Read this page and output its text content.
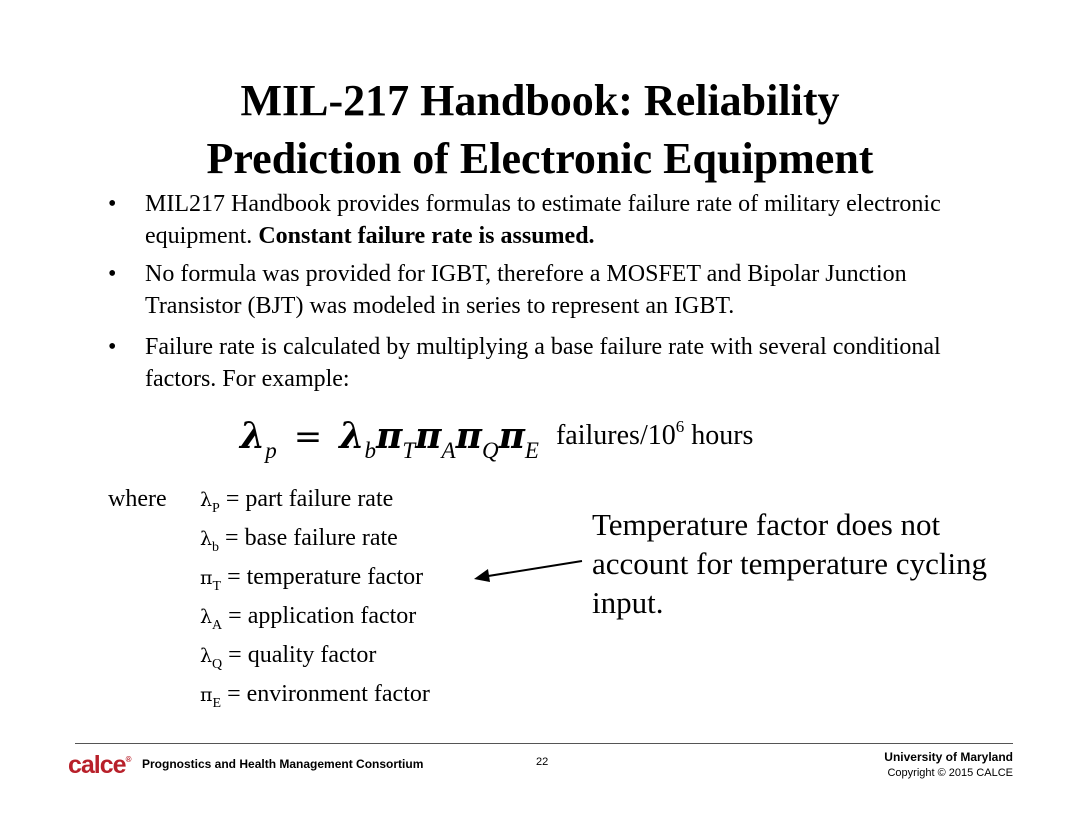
MIL-217 Handbook: Reliability
Prediction of Electronic Equipment
•	MIL217 Handbook provides formulas to estimate failure rate of military electronic equipment. Constant failure rate is assumed.
•	No formula was provided for IGBT, therefore a MOSFET and Bipolar Junction Transistor (BJT) was modeled in series to represent an IGBT.
•	Failure rate is calculated by multiplying a base failure rate with several conditional factors. For example:
$\lambda_p = \lambda_b\pi_T\pi_A\pi_Q\pi_E$ failures/$10^6$ hours
where $\lambda_P$ = part failure rate
$\lambda_b$ = base failure rate
$\pi_T$ = temperature factor
$\lambda_A$ = application factor
$\lambda_Q$ = quality factor
$\pi_E$ = environment factor
Temperature factor does not account for temperature cycling input.
calce® Prognostics and Health Management Consortium	22	University of Maryland
Copyright © 2015 CALCE
